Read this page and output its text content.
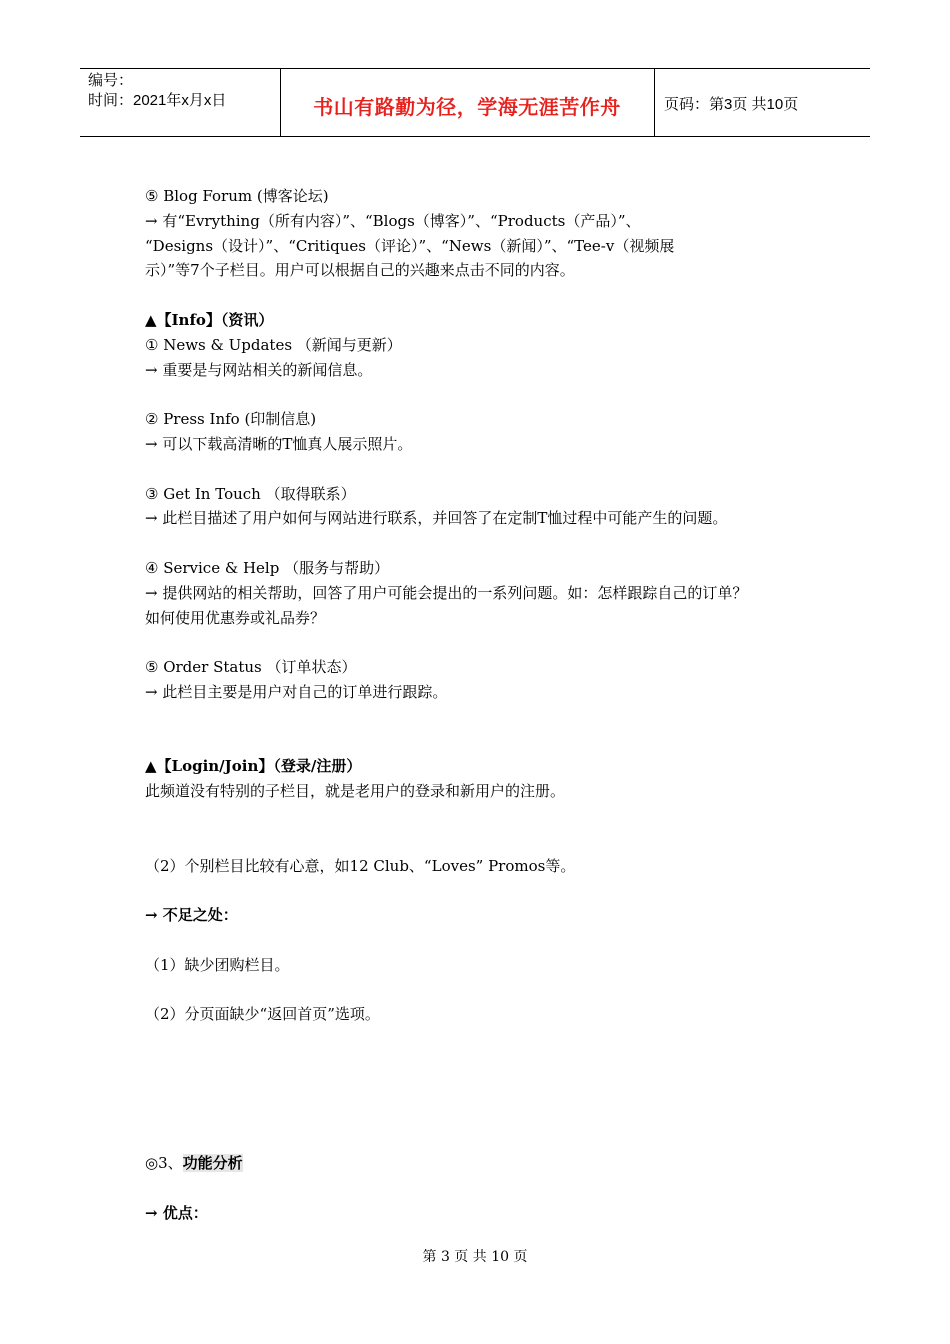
编号：
时间：2021年x月x日	书山有路勤为径，学海无涯苦作舟	页码：第3页 共10页
⑤ Blog Forum (博客论坛)
→ 有“Evrything（所有内容）”、“Blogs（博客）”、“Products（产品）”、
“Designs（设计）”、“Critiques（评论）”、“News（新闻）”、“Tee-v（视频展
示）”等7个子栏目。用户可以根据自己的兴趣来点击不同的内容。
▲【Info】（资讯）
① News & Updates （新闻与更新）
→ 重要是与网站相关的新闻信息。
② Press Info (印制信息)
→ 可以下载高清晰的T恤真人展示照片。
③ Get In Touch （取得联系）
→ 此栏目描述了用户如何与网站进行联系，并回答了在定制T恤过程中可能产生的问题。
④ Service & Help （服务与帮助）
→ 提供网站的相关帮助，回答了用户可能会提出的一系列问题。如：怎样跟踪自己的订单？
如何使用优惠券或礼品券？
⑤ Order Status （订单状态）
→ 此栏目主要是用户对自己的订单进行跟踪。
▲【Login/Join】（登录/注册）
此频道没有特别的子栏目，就是老用户的登录和新用户的注册。
（2）个别栏目比较有心意，如12 Club、“Loves” Promos等。
→ 不足之处：
（1）缺少团购栏目。
（2）分页面缺少“返回首页”选项。
◎3、功能分析
→ 优点：
第 3 页 共 10 页
